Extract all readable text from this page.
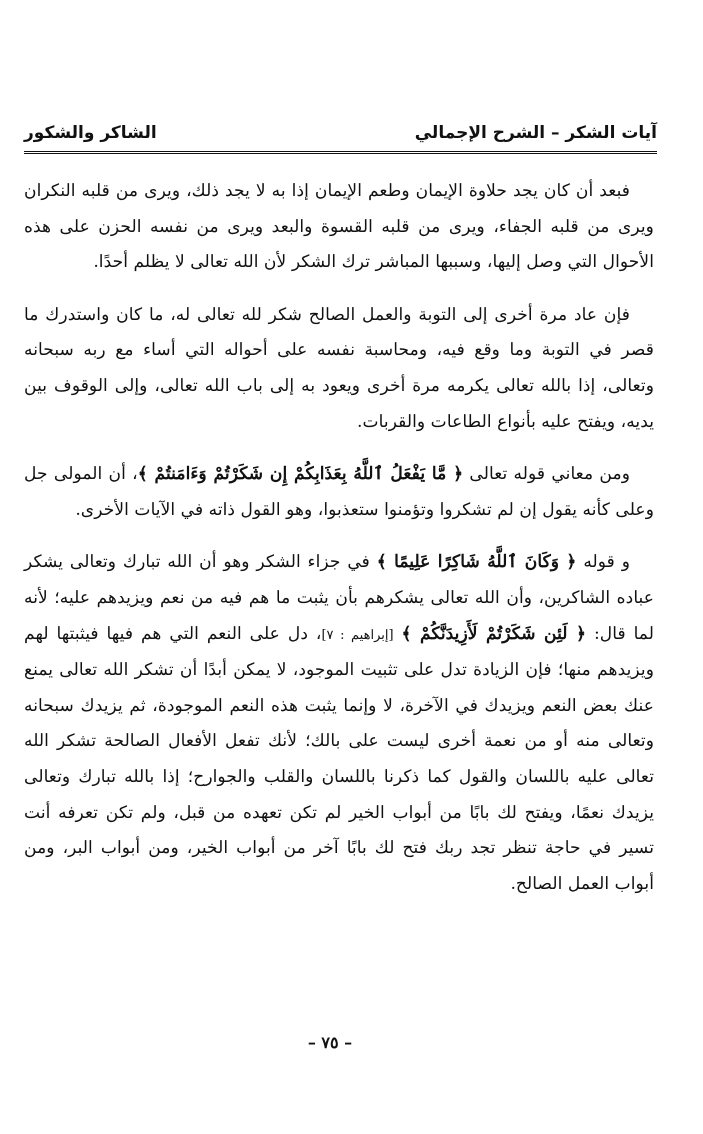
آيات الشكر – الشرح الإجمالي
الشاكر والشكور

فبعد أن كان يجد حلاوة الإيمان وطعم الإيمان إذا به لا يجد ذلك، ويرى من قلبه النكران ويرى من قلبه الجفاء، ويرى من قلبه القسوة والبعد ويرى من نفسه الحزن على هذه الأحوال التي وصل إليها، وسببها المباشر ترك الشكر لأن الله تعالى لا يظلم أحدًا.

فإن عاد مرة أخرى إلى التوبة والعمل الصالح شكر لله تعالى له، ما كان واستدرك ما قصر في التوبة وما وقع فيه، ومحاسبة نفسه على أحواله التي أساء مع ربه سبحانه وتعالى، إذا بالله تعالى يكرمه مرة أخرى ويعود به إلى باب الله تعالى، وإلى الوقوف بين يديه، ويفتح عليه بأنواع الطاعات والقربات.

ومن معاني قوله تعالى ﴿ مَّا يَفْعَلُ ٱللَّهُ بِعَذَابِكُمْ إِن شَكَرْتُمْ وَءَامَنتُمْ ﴾، أن المولى جل وعلى كأنه يقول إن لم تشكروا وتؤمنوا ستعذبوا، وهو القول ذاته في الآيات الأخرى.

و قوله ﴿ وَكَانَ ٱللَّهُ شَاكِرًا عَلِيمًا ﴾ في جزاء الشكر وهو أن الله تبارك وتعالى يشكر عباده الشاكرين، وأن الله تعالى يشكرهم بأن يثبت ما هم فيه من نعم ويزيدهم عليه؛ لأنه لما قال: ﴿ لَئِن شَكَرْتُمْ لَأَزِيدَنَّكُمْ ﴾ [إبراهيم : ٧]، دل على النعم التي هم فيها فيثبتها لهم ويزيدهم منها؛ فإن الزيادة تدل على تثبيت الموجود، لا يمكن أبدًا أن تشكر الله تعالى يمنع عنك بعض النعم ويزيدك في الآخرة، لا وإنما يثبت هذه النعم الموجودة، ثم يزيدك سبحانه وتعالى منه أو من نعمة أخرى ليست على بالك؛ لأنك تفعل الأفعال الصالحة تشكر الله تعالى عليه باللسان والقول كما ذكرنا باللسان والقلب والجوارح؛ إذا بالله تبارك وتعالى يزيدك نعمًا، ويفتح لك بابًا من أبواب الخير لم تكن تعهده من قبل، ولم تكن تعرفه أنت تسير في حاجة تنظر تجد ربك فتح لك بابًا آخر من أبواب الخير، ومن أبواب البر، ومن أبواب العمل الصالح.

– ٧٥ –
